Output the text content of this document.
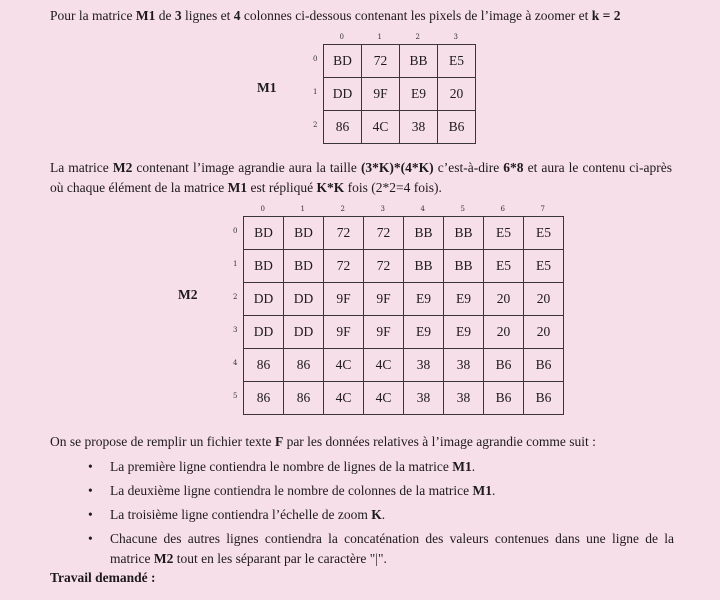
Pour la matrice M1 de 3 lignes et 4 colonnes ci-dessous contenant les pixels de l’image à zoomer et k = 2
M1
0	1	2	3
0
1
2
BD	72	BB	E5
DD	9F	E9	20
86	4C	38	B6
La matrice M2 contenant l’image agrandie aura la taille (3*K)*(4*K) c’est-à-dire 6*8 et aura le contenu ci-après où chaque élément de la matrice M1 est répliqué K*K fois (2*2=4 fois).
M2
0	1	2	3	4	5	6	7
0
1
2
3
4
5
BD	BD	72	72	BB	BB	E5	E5
BD	BD	72	72	BB	BB	E5	E5
DD	DD	9F	9F	E9	E9	20	20
DD	DD	9F	9F	E9	E9	20	20
86	86	4C	4C	38	38	B6	B6
86	86	4C	4C	38	38	B6	B6
On se propose de remplir un fichier texte F par les données relatives à l’image agrandie comme suit :
• La première ligne contiendra le nombre de lignes de la matrice M1.
• La deuxième ligne contiendra le nombre de colonnes de la matrice M1.
• La troisième ligne contiendra l’échelle de zoom K.
• Chacune des autres lignes contiendra la concaténation des valeurs contenues dans une ligne de la matrice M2 tout en les séparant par le caractère "|".
Travail demandé :
